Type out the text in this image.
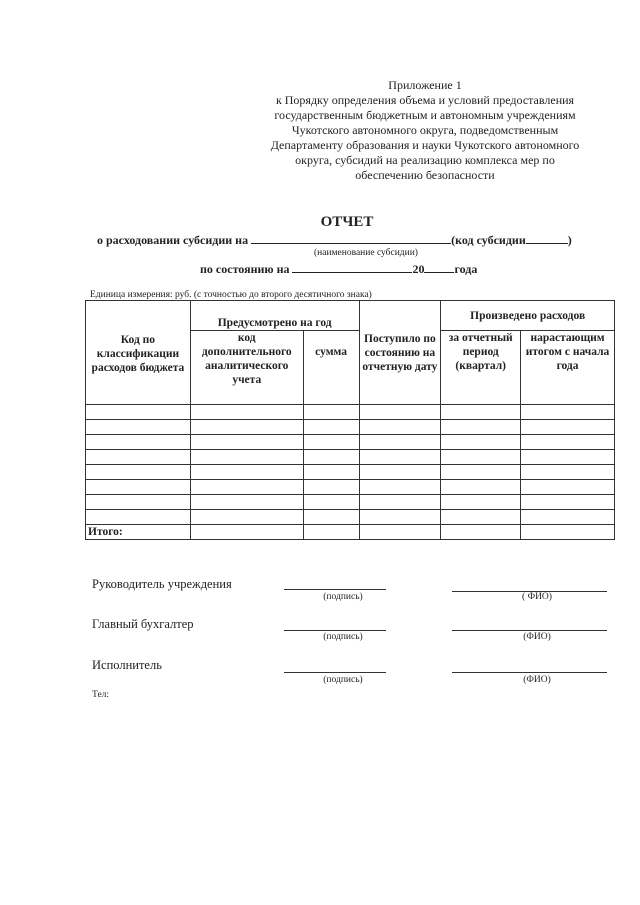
Приложение 1
к Порядку определения объема и условий предоставления
государственным бюджетным и автономным учреждениям
Чукотского автономного округа, подведомственным
Департаменту образования и науки Чукотского автономного
округа, субсидий на реализацию комплекса мер по
обеспечению безопасности
ОТЧЕТ
о расходовании субсидии на	(код субсидии	)
(наименование субсидии)
по состоянию на	20	года
Единица измерения: руб. (с точностью до второго десятичного знака)
Код по классификации расходов бюджета	Предусмотрено на год		Поступило по состоянию на отчетную дату	Произведено расходов	
	код дополнительного аналитического учета	сумма		за отчетный период (квартал)	нарастающим итогом с начала года

Итого:					
Руководитель учреждения
(подпись)	( ФИО)
Главный бухгалтер
(подпись)	(ФИО)
Исполнитель
(подпись)	(ФИО)
Тел:
